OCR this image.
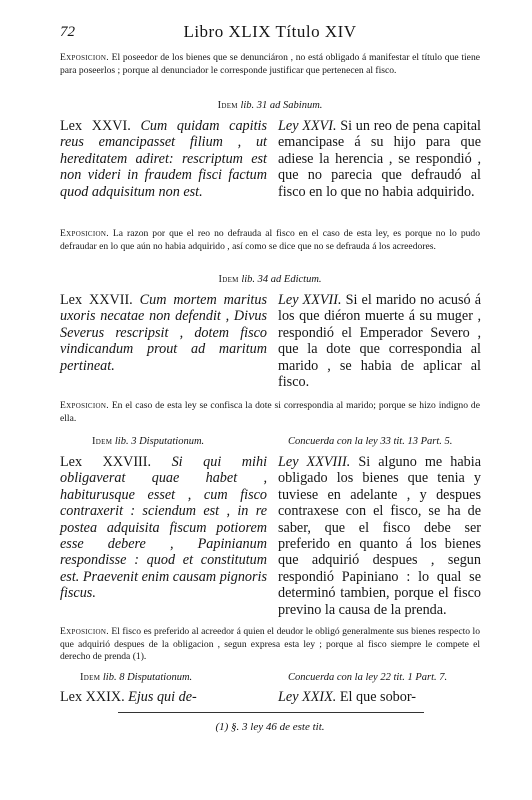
72	Libro XLIX Título XIV
Exposicion. El poseedor de los bienes que se denunciáron , no está obligado á manifestar el título que tiene para poseerlos ; porque al denunciador le corresponde justificar que pertenecen al fisco.
Idem lib. 31 ad Sabinum.
Lex XXVI. Cum quidam capitis reus emancipasset filium , ut hereditatem adiret: rescriptum est non videri in fraudem fisci factum quod adquisitum non est.
Ley XXVI. Si un reo de pena capital emancipase á su hijo para que adiese la herencia , se respondió , que no parecia que defraudó al fisco en lo que no habia adquirido.
Exposicion. La razon por que el reo no defrauda al fisco en el caso de esta ley, es porque no lo pudo defraudar en lo que aún no habia adquirido , así como se dice que no se defrauda á los acreedores.
Idem lib. 34 ad Edictum.
Lex XXVII. Cum mortem maritus uxoris necatae non defendit , Divus Severus rescripsit , dotem fisco vindicandum prout ad maritum pertineat.
Ley XXVII. Si el marido no acusó á los que diéron muerte á su muger , respondió el Emperador Severo , que la dote que correspondia al marido , se habia de aplicar al fisco.
Exposicion. En el caso de esta ley se confisca la dote si correspondia al marido; porque se hizo indigno de ella.
Idem lib. 3 Disputationum.	Concuerda con la ley 33 tit. 13 Part. 5.
Lex XXVIII. Si qui mihi obligaverat quae habet , habiturusque esset , cum fisco contraxerit : sciendum est , in re postea adquisita fiscum potiorem esse debere , Papinianum respondisse : quod et constitutum est. Praevenit enim causam pignoris fiscus.
Ley XXVIII. Si alguno me habia obligado los bienes que tenia y tuviese en adelante , y despues contraxese con el fisco, se ha de saber, que el fisco debe ser preferido en quanto á los bienes que adquirió despues , segun respondió Papiniano : lo qual se determinó tambien, porque el fisco previno la causa de la prenda.
Exposicion. El fisco es preferido al acreedor á quien el deudor le obligó generalmente sus bienes respecto lo que adquirió despues de la obligacion , segun expresa esta ley ; porque al fisco siempre le compete el derecho de prenda (1).
Idem lib. 8 Disputationum.	Concuerda con la ley 22 tit. 1 Part. 7.
Lex XXIX. Ejus qui de-	Ley XXIX. El que sobor-
(1) §. 3 ley 46 de este tit.
